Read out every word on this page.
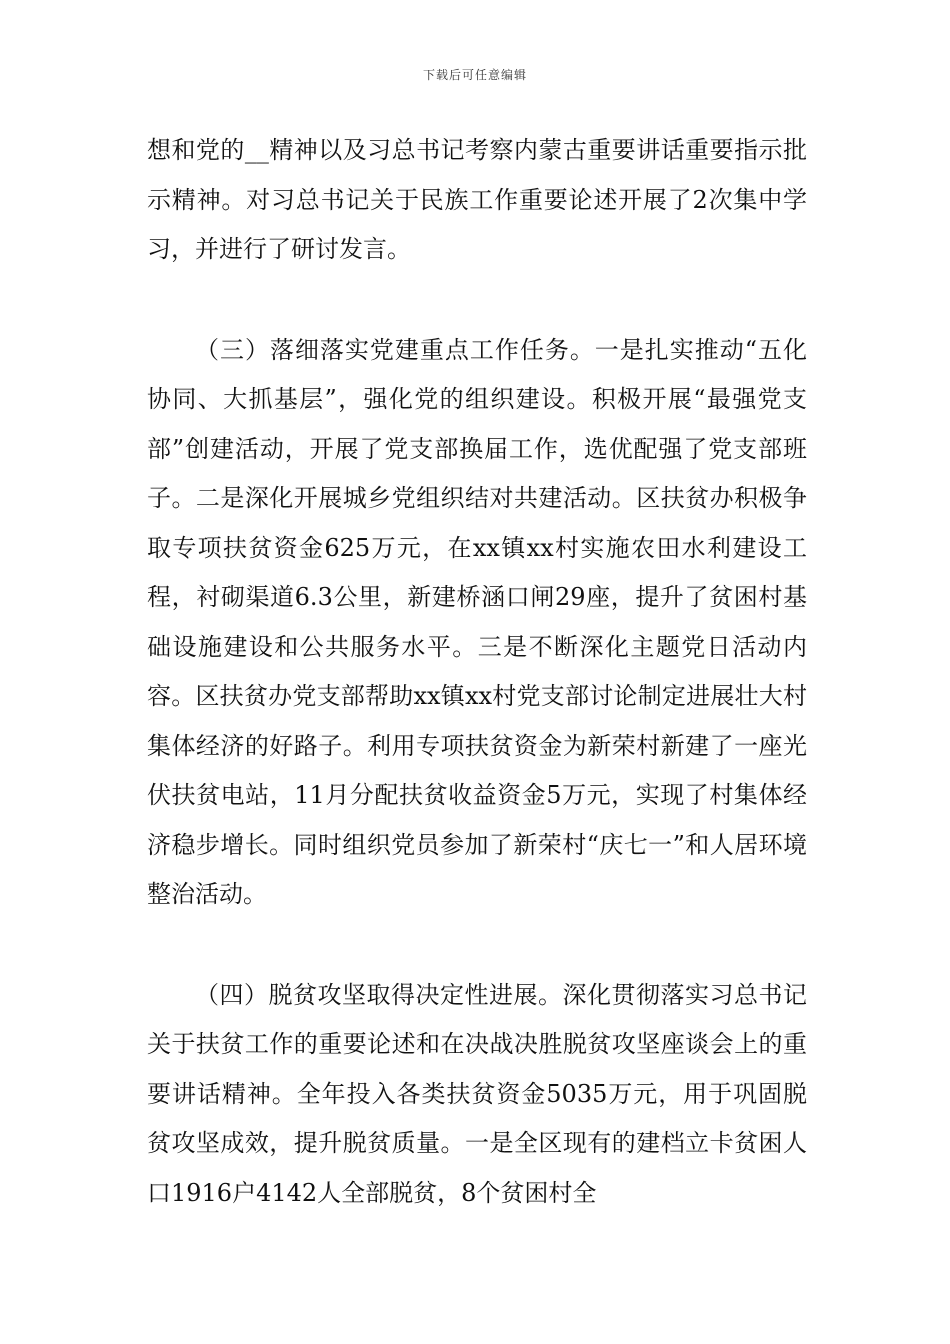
下载后可任意编辑

想和党的__精神以及习总书记考察内蒙古重要讲话重要指示批示精神。对习总书记关于民族工作重要论述开展了2次集中学习，并进行了研讨发言。

（三）落细落实党建重点工作任务。一是扎实推动“五化协同、大抓基层”，强化党的组织建设。积极开展“最强党支部”创建活动，开展了党支部换届工作，选优配强了党支部班子。二是深化开展城乡党组织结对共建活动。区扶贫办积极争取专项扶贫资金625万元，在xx镇xx村实施农田水利建设工程，衬砌渠道6.3公里，新建桥涵口闸29座，提升了贫困村基础设施建设和公共服务水平。三是不断深化主题党日活动内容。区扶贫办党支部帮助xx镇xx村党支部讨论制定进展壮大村集体经济的好路子。利用专项扶贫资金为新荣村新建了一座光伏扶贫电站，11月分配扶贫收益资金5万元，实现了村集体经济稳步增长。同时组织党员参加了新荣村“庆七一”和人居环境整治活动。

（四）脱贫攻坚取得决定性进展。深化贯彻落实习总书记关于扶贫工作的重要论述和在决战决胜脱贫攻坚座谈会上的重要讲话精神。全年投入各类扶贫资金5035万元，用于巩固脱贫攻坚成效，提升脱贫质量。一是全区现有的建档立卡贫困人口1916户4142人全部脱贫，8个贫困村全
